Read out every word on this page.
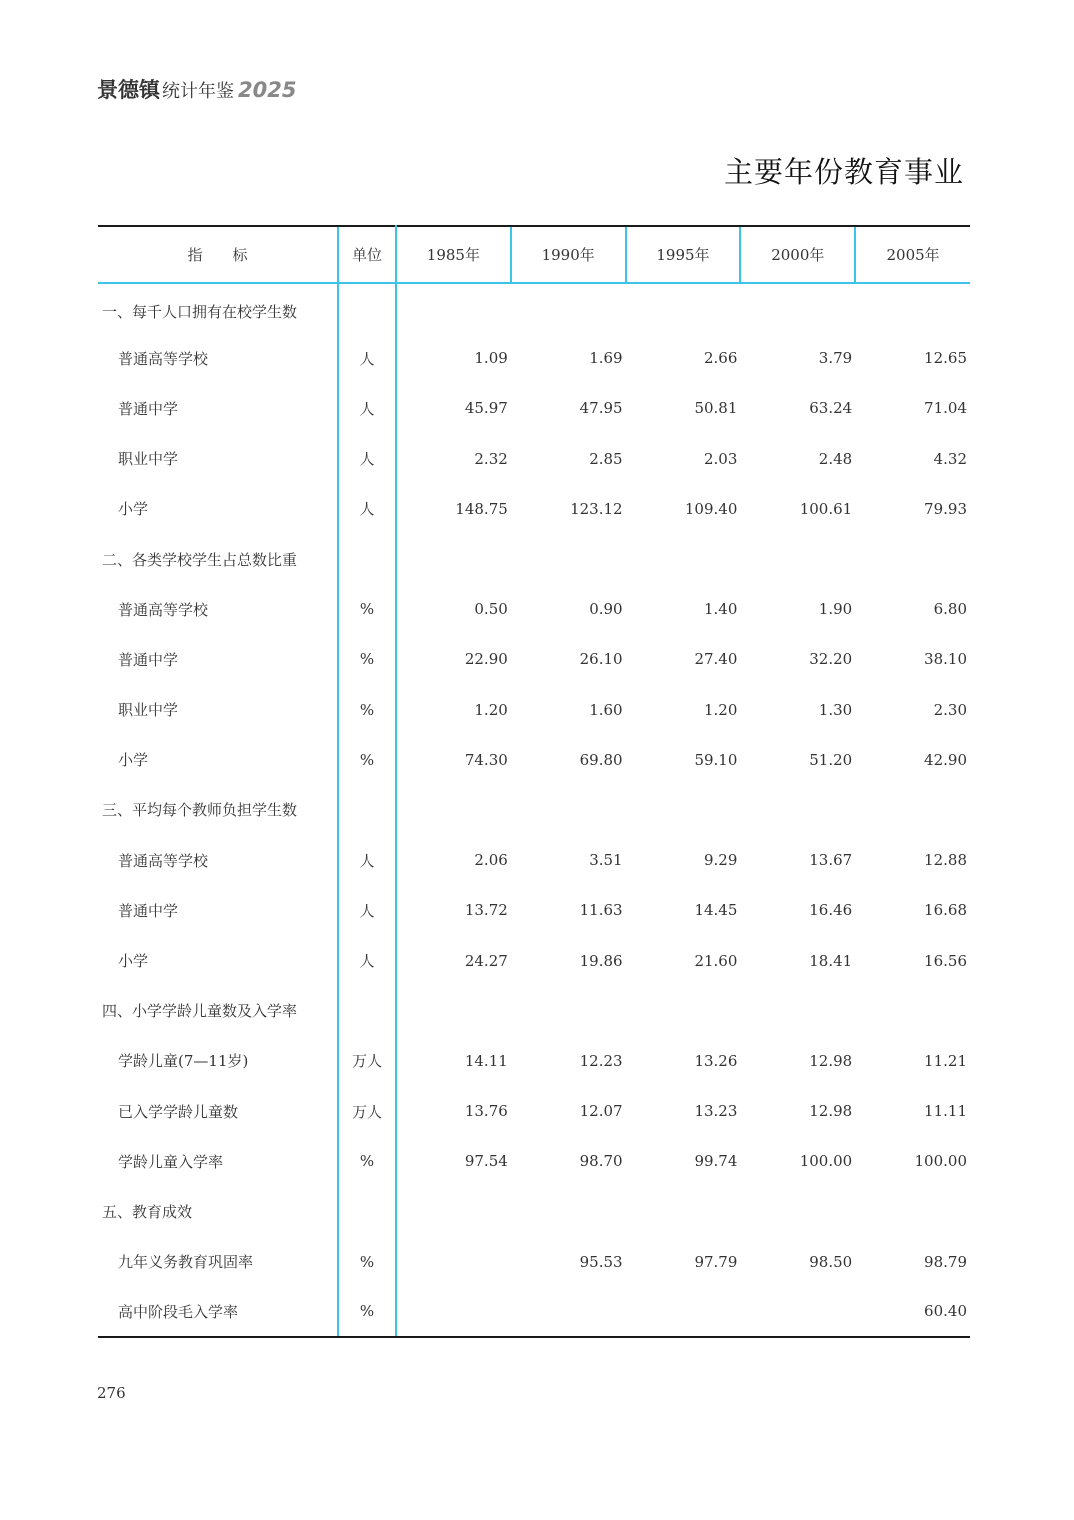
景德镇 统计年鉴 2025
主要年份教育事业
指　　标	单位	1985年	1990年	1995年	2000年	2005年
一、每千人口拥有在校学生数						
普通高等学校	人	1.09	1.69	2.66	3.79	12.65
普通中学	人	45.97	47.95	50.81	63.24	71.04
职业中学	人	2.32	2.85	2.03	2.48	4.32
小学	人	148.75	123.12	109.40	100.61	79.93
二、各类学校学生占总数比重						
普通高等学校	%	0.50	0.90	1.40	1.90	6.80
普通中学	%	22.90	26.10	27.40	32.20	38.10
职业中学	%	1.20	1.60	1.20	1.30	2.30
小学	%	74.30	69.80	59.10	51.20	42.90
三、平均每个教师负担学生数						
普通高等学校	人	2.06	3.51	9.29	13.67	12.88
普通中学	人	13.72	11.63	14.45	16.46	16.68
小学	人	24.27	19.86	21.60	18.41	16.56
四、小学学龄儿童数及入学率						
学龄儿童(7—11岁)	万人	14.11	12.23	13.26	12.98	11.21
已入学学龄儿童数	万人	13.76	12.07	13.23	12.98	11.11
学龄儿童入学率	%	97.54	98.70	99.74	100.00	100.00
五、教育成效						
九年义务教育巩固率	%		95.53	97.79	98.50	98.79
高中阶段毛入学率	%					60.40
276
